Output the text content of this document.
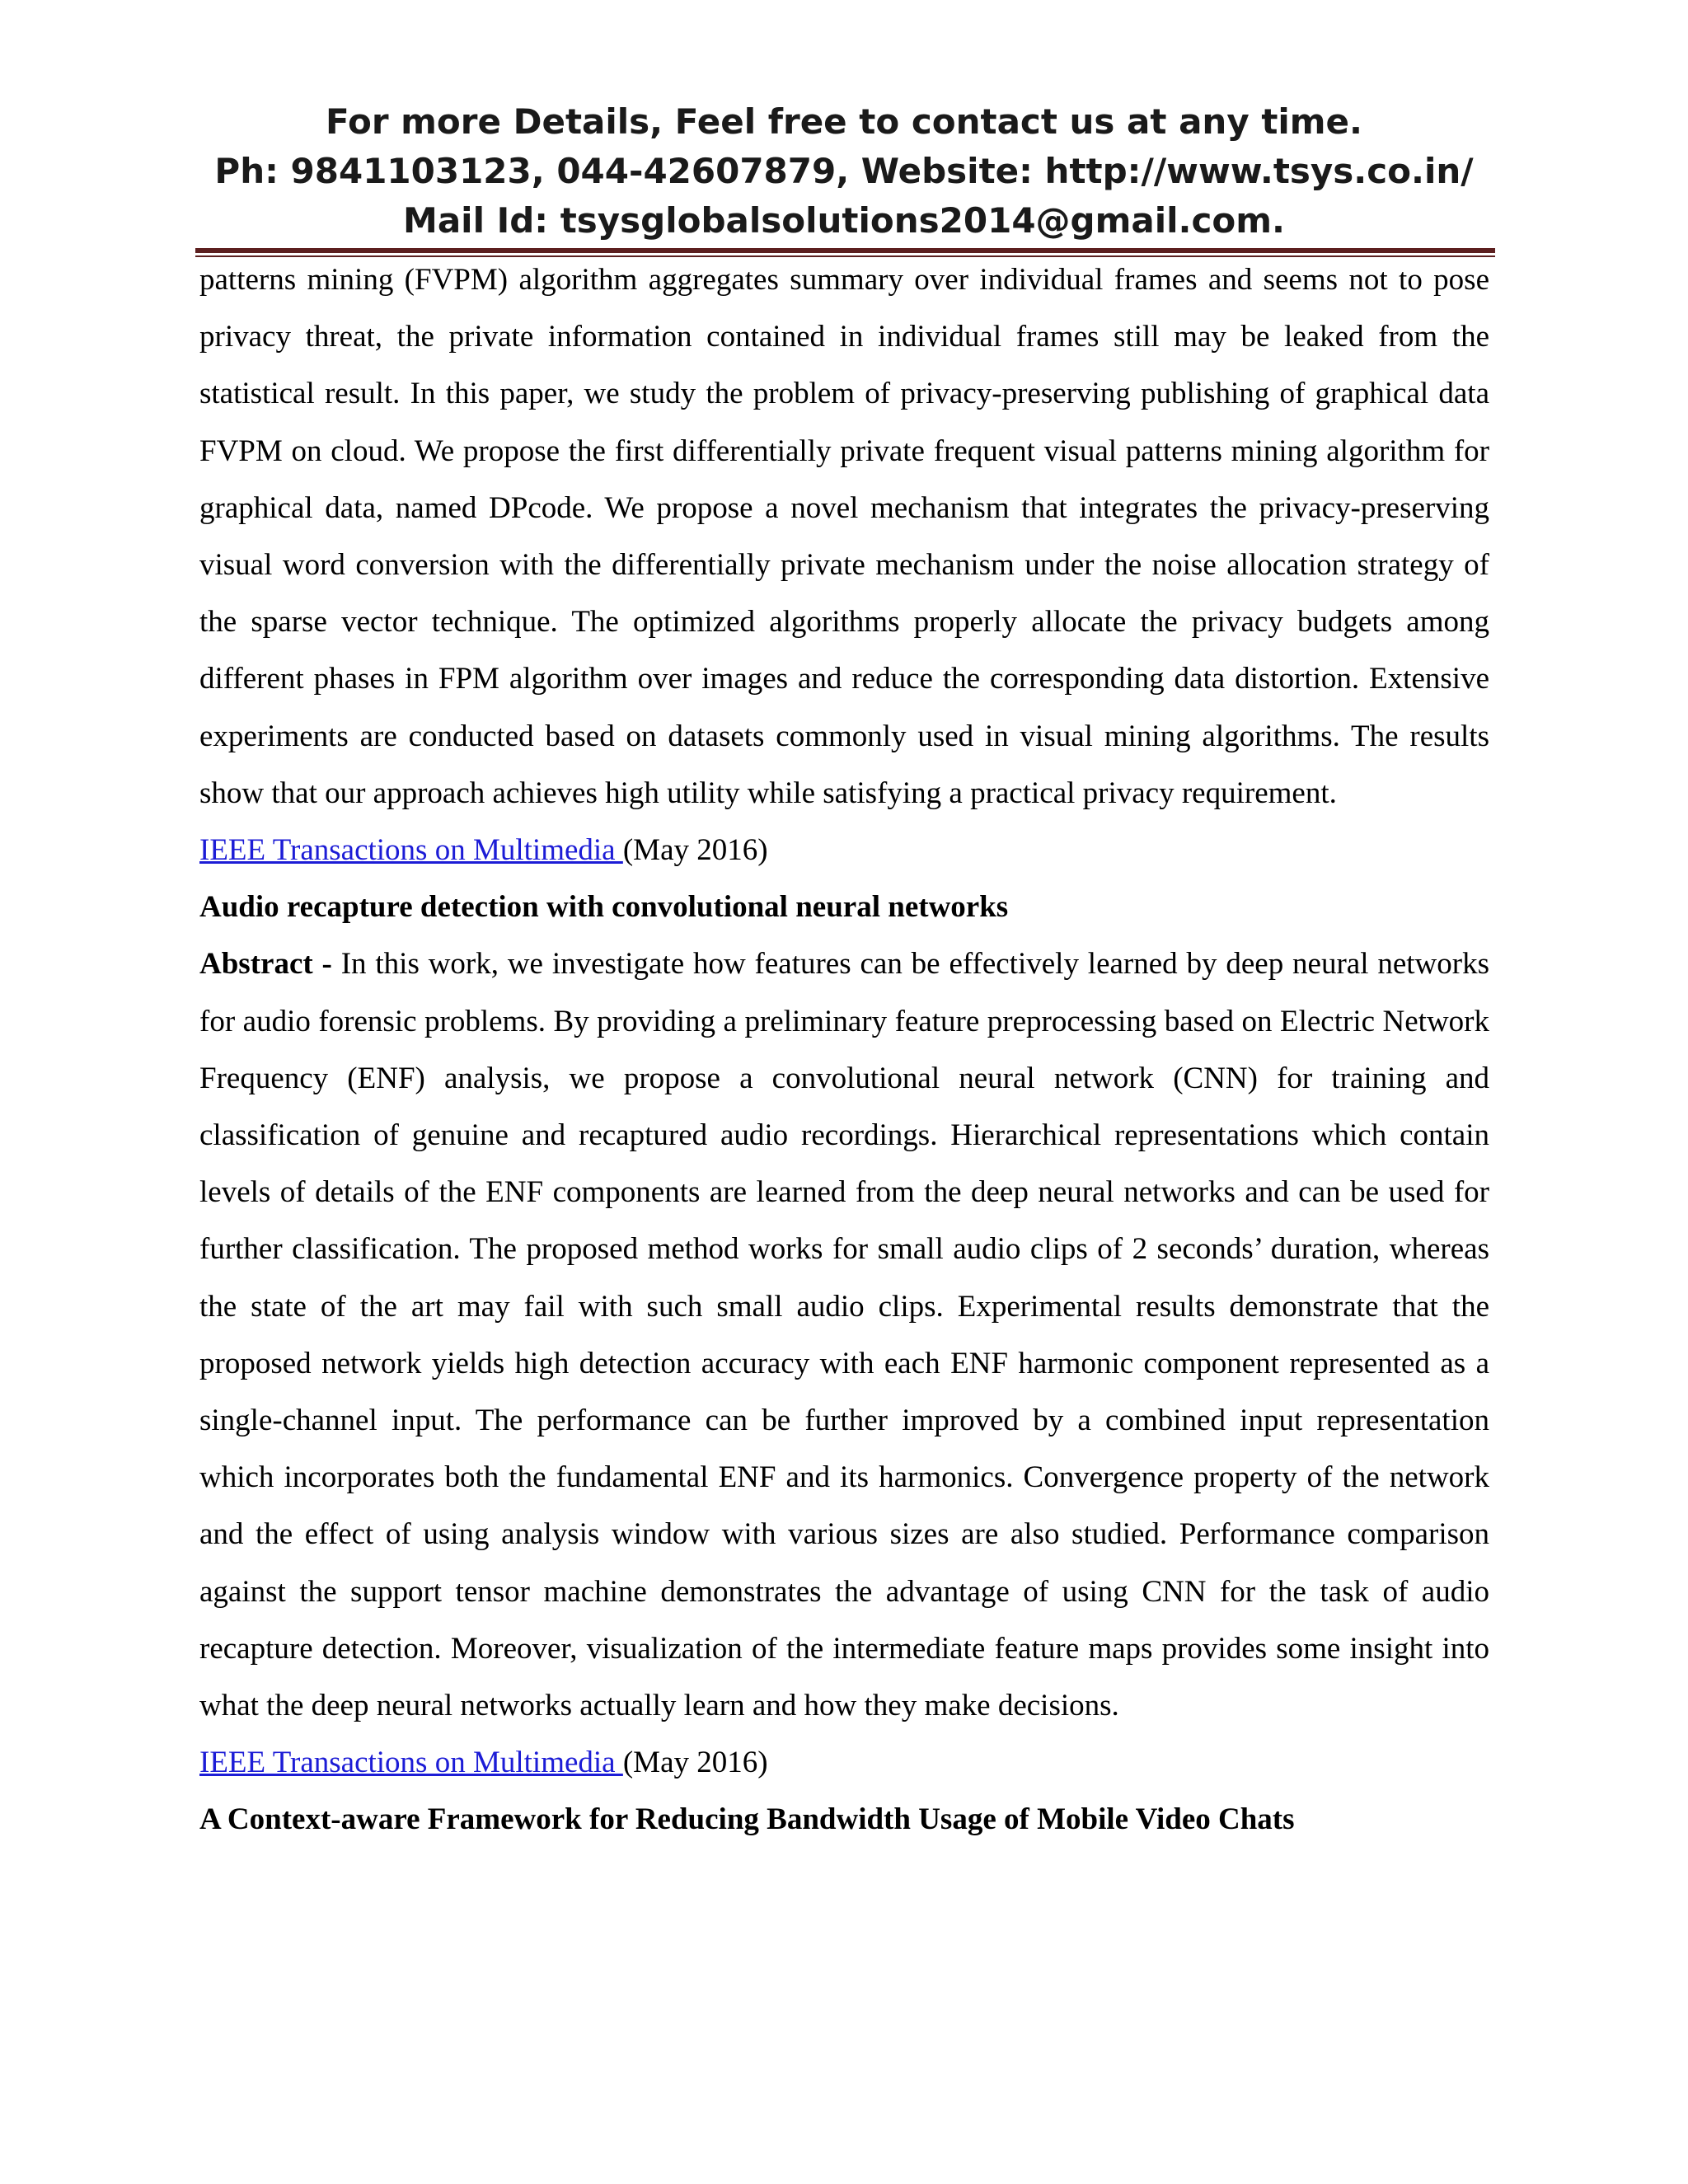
For more Details, Feel free to contact us at any time.
Ph: 9841103123, 044-42607879, Website: http://www.tsys.co.in/
Mail Id: tsysglobalsolutions2014@gmail.com.

patterns mining (FVPM) algorithm aggregates summary over individual frames and seems not to pose privacy threat, the private information contained in individual frames still may be leaked from the statistical result. In this paper, we study the problem of privacy-preserving publishing of graphical data FVPM on cloud. We propose the first differentially private frequent visual patterns mining algorithm for graphical data, named DPcode. We propose a novel mechanism that integrates the privacy-preserving visual word conversion with the differentially private mechanism under the noise allocation strategy of the sparse vector technique. The optimized algorithms properly allocate the privacy budgets among different phases in FPM algorithm over images and reduce the corresponding data distortion. Extensive experiments are conducted based on datasets commonly used in visual mining algorithms. The results show that our approach achieves high utility while satisfying a practical privacy requirement.

IEEE Transactions on Multimedia (May 2016)

Audio recapture detection with convolutional neural networks

Abstract - In this work, we investigate how features can be effectively learned by deep neural networks for audio forensic problems. By providing a preliminary feature preprocessing based on Electric Network Frequency (ENF) analysis, we propose a convolutional neural network (CNN) for training and classification of genuine and recaptured audio recordings. Hierarchical representations which contain levels of details of the ENF components are learned from the deep neural networks and can be used for further classification. The proposed method works for small audio clips of 2 seconds’ duration, whereas the state of the art may fail with such small audio clips. Experimental results demonstrate that the proposed network yields high detection accuracy with each ENF harmonic component represented as a single-channel input. The performance can be further improved by a combined input representation which incorporates both the fundamental ENF and its harmonics. Convergence property of the network and the effect of using analysis window with various sizes are also studied. Performance comparison against the support tensor machine demonstrates the advantage of using CNN for the task of audio recapture detection. Moreover, visualization of the intermediate feature maps provides some insight into what the deep neural networks actually learn and how they make decisions.

IEEE Transactions on Multimedia (May 2016)

A Context-aware Framework for Reducing Bandwidth Usage of Mobile Video Chats
